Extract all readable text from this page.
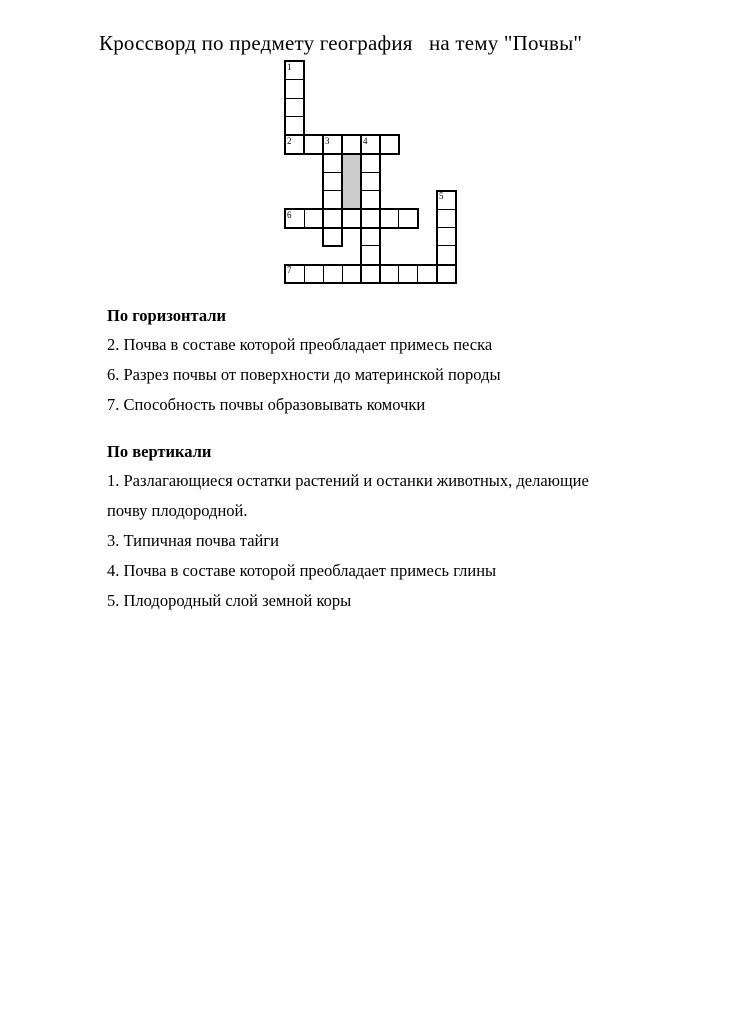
Кроссворд по предмету география   на тему "Почвы"
1
2	3	4
5
6
7
По горизонтали
2. Почва в составе которой преобладает примесь песка
6. Разрез почвы от поверхности до материнской породы
7. Способность почвы образовывать комочки
По вертикали
1. Разлагающиеся остатки растений и останки животных, делающие почву плодородной.
3. Типичная почва тайги
4. Почва в составе которой преобладает примесь глины
5. Плодородный слой земной коры
